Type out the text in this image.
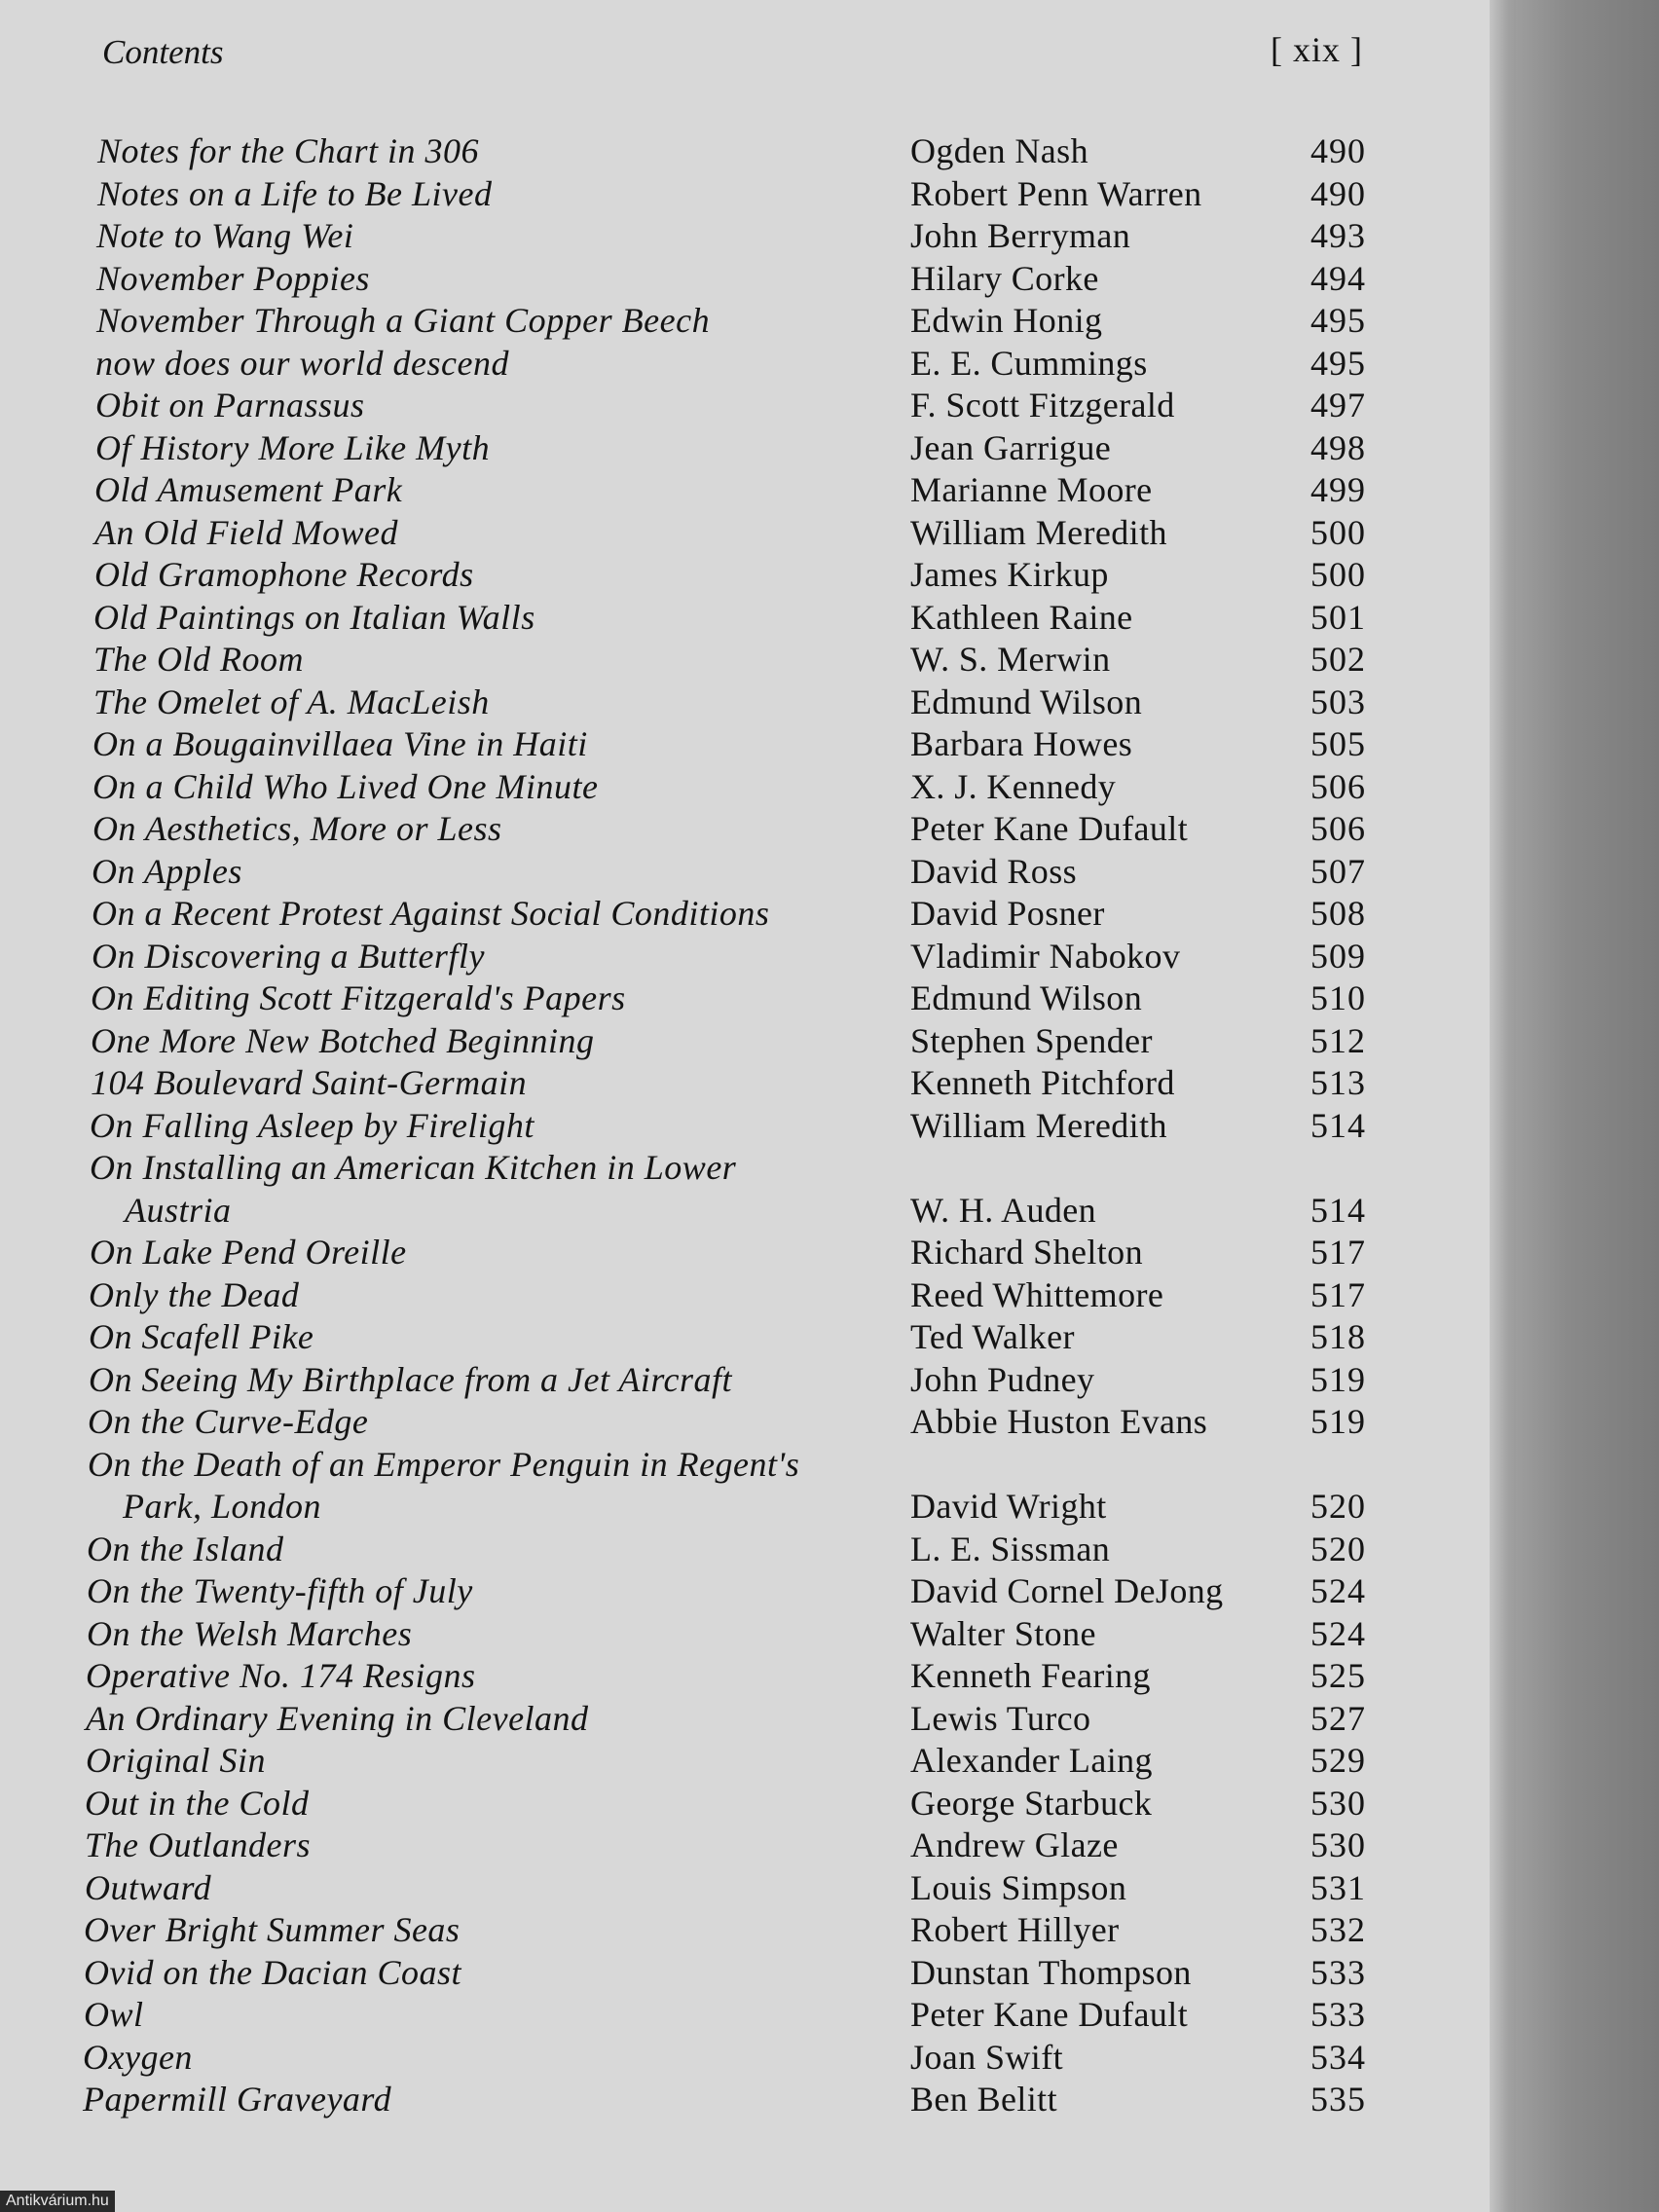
Contents	[ xix ]
Notes for the Chart in 306	Ogden Nash	490
Notes on a Life to Be Lived	Robert Penn Warren	490
Note to Wang Wei	John Berryman	493
November Poppies	Hilary Corke	494
November Through a Giant Copper Beech	Edwin Honig	495
now does our world descend	E. E. Cummings	495
Obit on Parnassus	F. Scott Fitzgerald	497
Of History More Like Myth	Jean Garrigue	498
Old Amusement Park	Marianne Moore	499
An Old Field Mowed	William Meredith	500
Old Gramophone Records	James Kirkup	500
Old Paintings on Italian Walls	Kathleen Raine	501
The Old Room	W. S. Merwin	502
The Omelet of A. MacLeish	Edmund Wilson	503
On a Bougainvillaea Vine in Haiti	Barbara Howes	505
On a Child Who Lived One Minute	X. J. Kennedy	506
On Aesthetics, More or Less	Peter Kane Dufault	506
On Apples	David Ross	507
On a Recent Protest Against Social Conditions	David Posner	508
On Discovering a Butterfly	Vladimir Nabokov	509
On Editing Scott Fitzgerald's Papers	Edmund Wilson	510
One More New Botched Beginning	Stephen Spender	512
104 Boulevard Saint-Germain	Kenneth Pitchford	513
On Falling Asleep by Firelight	William Meredith	514
On Installing an American Kitchen in Lower
Austria	W. H. Auden	514
On Lake Pend Oreille	Richard Shelton	517
Only the Dead	Reed Whittemore	517
On Scafell Pike	Ted Walker	518
On Seeing My Birthplace from a Jet Aircraft	John Pudney	519
On the Curve-Edge	Abbie Huston Evans	519
On the Death of an Emperor Penguin in Regent's
Park, London	David Wright	520
On the Island	L. E. Sissman	520
On the Twenty-fifth of July	David Cornel DeJong 524
On the Welsh Marches	Walter Stone	524
Operative No. 174 Resigns	Kenneth Fearing	525
An Ordinary Evening in Cleveland	Lewis Turco	527
Original Sin	Alexander Laing	529
Out in the Cold	George Starbuck	530
The Outlanders	Andrew Glaze	530
Outward	Louis Simpson	531
Over Bright Summer Seas	Robert Hillyer	532
Ovid on the Dacian Coast	Dunstan Thompson	533
Owl	Peter Kane Dufault	533
Oxygen	Joan Swift	534
Papermill Graveyard	Ben Belitt	535
Antikvárium.hu
